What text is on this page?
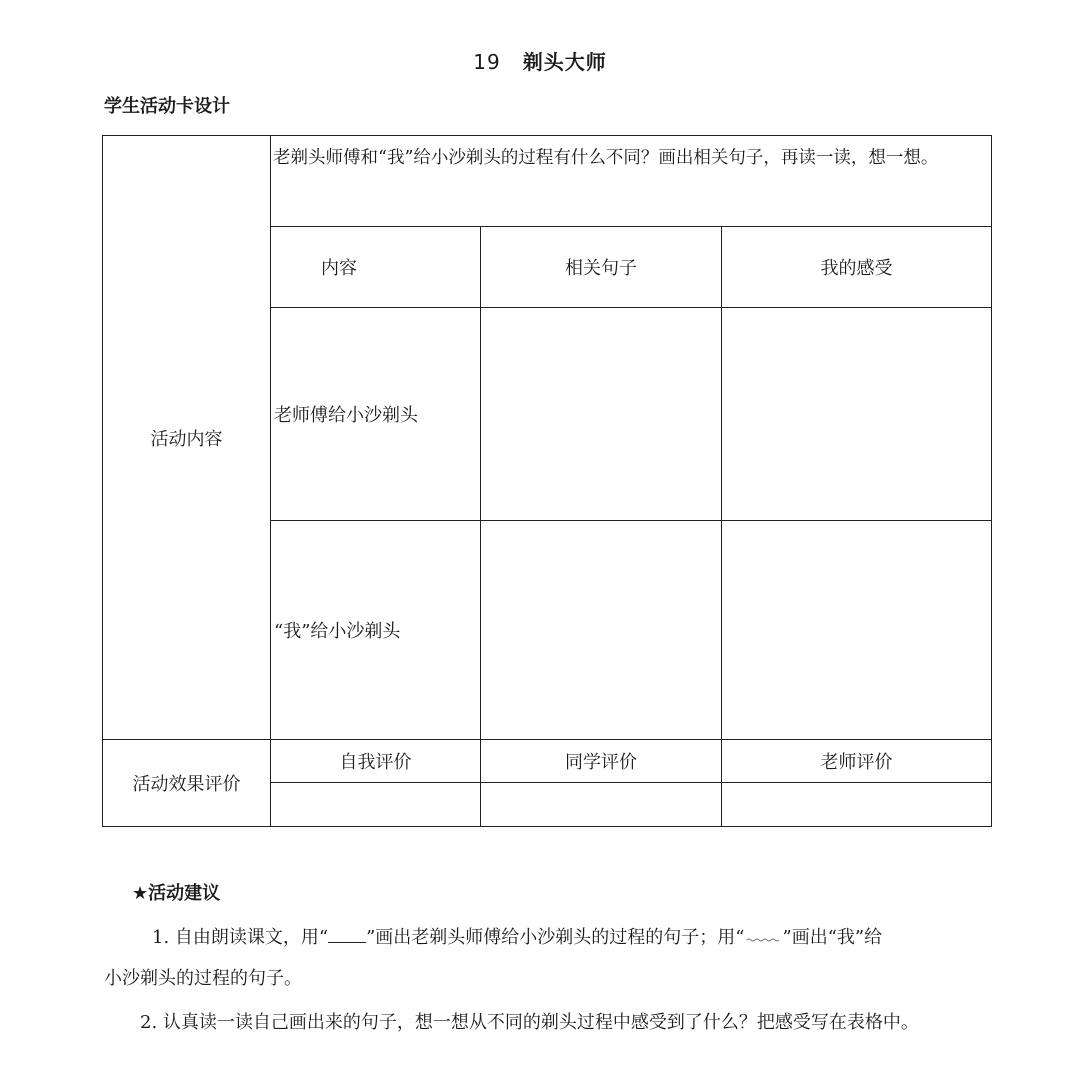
19 剃头大师
学生活动卡设计
活动内容	老剃头师傅和“我”给小沙剃头的过程有什么不同？画出相关句子，再读一读，想一想。		
	内容	相关句子	我的感受
	老师傅给小沙剃头		
	“我”给小沙剃头		
活动效果评价	自我评价	同学评价	老师评价

★活动建议
1. 自由朗读课文，用“ ”画出老剃头师傅给小沙剃头的过程的句子；用“ ”画出“我”给
小沙剃头的过程的句子。
2. 认真读一读自己画出来的句子，想一想从不同的剃头过程中感受到了什么？把感受写在表格中。
